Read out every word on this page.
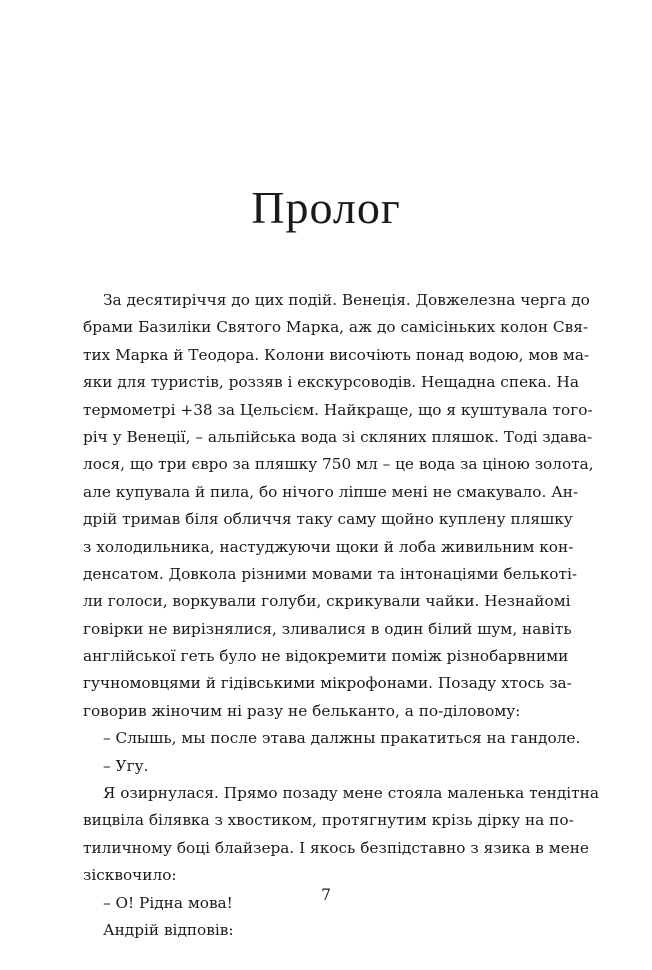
Пролог
За десятиріччя до цих подій. Венеція. Довжелезна черга до
брами Базиліки Святого Марка, аж до самісіньких колон Свя-
тих Марка й Теодора. Колони височіють понад водою, мов ма-
яки для туристів, роззяв і екскурсоводів. Нещадна спека. На
термометрі +38 за Цельсієм. Найкраще, що я куштувала того-
річ у Венеції, – альпійська вода зі скляних пляшок. Тоді здава-
лося, що три євро за пляшку 750 мл – це вода за ціною золота,
але купувала й пила, бо нічого ліпше мені не смакувало. Ан-
дрій тримав біля обличчя таку саму щойно куплену пляшку
з холодильника, настуджуючи щоки й лоба живильним кон-
денсатом. Довкола різними мовами та інтонаціями белькоті-
ли голоси, воркували голуби, скрикували чайки. Незнайомі
говірки не вирізнялися, зливалися в один білий шум, навіть
англійської геть було не відокремити поміж різнобарвними
гучномовцями й гідівськими мікрофонами. Позаду хтось за-
говорив жіночим ні разу не бельканто, а по-діловому:
– Слышь, мы после этава далжны пракатиться на гандоле.
– Угу.
Я озирнулася. Прямо позаду мене стояла маленька тендітна
вицвіла білявка з хвостиком, протягнутим крізь дірку на по-
тиличному боці блайзера. І якось безпідставно з язика в мене
зісквочило:
– О! Рідна мова!
Андрій відповів:
7
